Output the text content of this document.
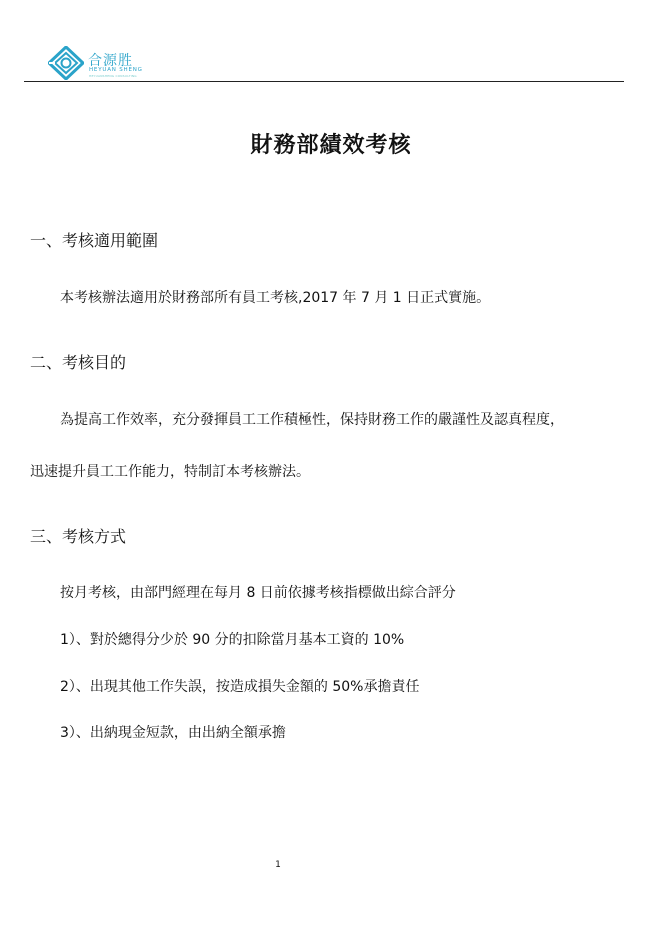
合源胜
HEYUAN SHENG
HEYUANSHENG CONSULTING
財務部績效考核
一、考核適用範圍
本考核辦法適用於財務部所有員工考核,2017 年 7 月 1 日正式實施。
二、考核目的
為提高工作效率，充分發揮員工工作積極性，保持財務工作的嚴謹性及認真程度，
迅速提升員工工作能力，特制訂本考核辦法。
三、考核方式
按月考核，由部門經理在每月 8 日前依據考核指標做出綜合評分
1）、對於總得分少於 90 分的扣除當月基本工資的 10%
2）、出現其他工作失誤，按造成損失金額的 50%承擔責任
3）、出納現金短款，由出納全額承擔
1
